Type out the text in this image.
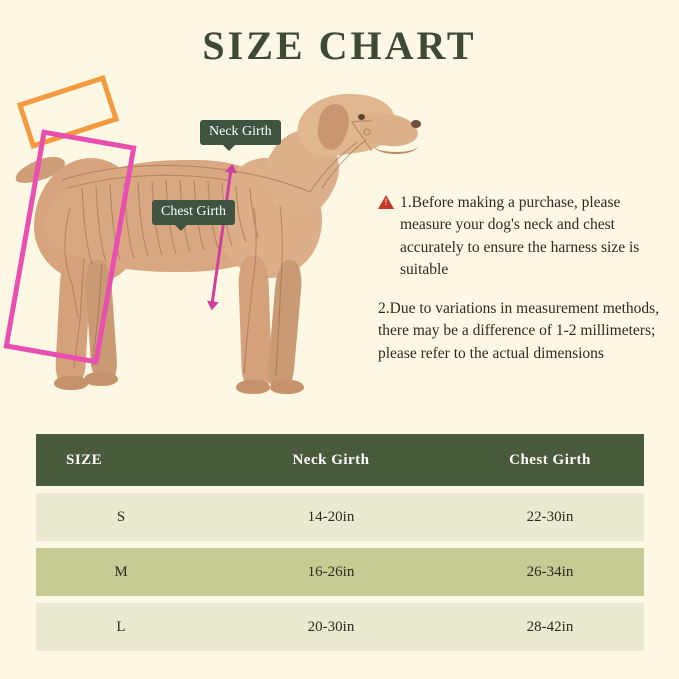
SIZE CHART
Neck Girth
Chest Girth
! 1.Before making a purchase, please measure your dog's neck and chest accurately to ensure the harness size is suitable
2.Due to variations in measurement methods, there may be a difference of 1-2 millimeters; please refer to the actual dimensions
SIZE	Neck Girth	Chest Girth
S	14-20in	22-30in
M	16-26in	26-34in
L	20-30in	28-42in
